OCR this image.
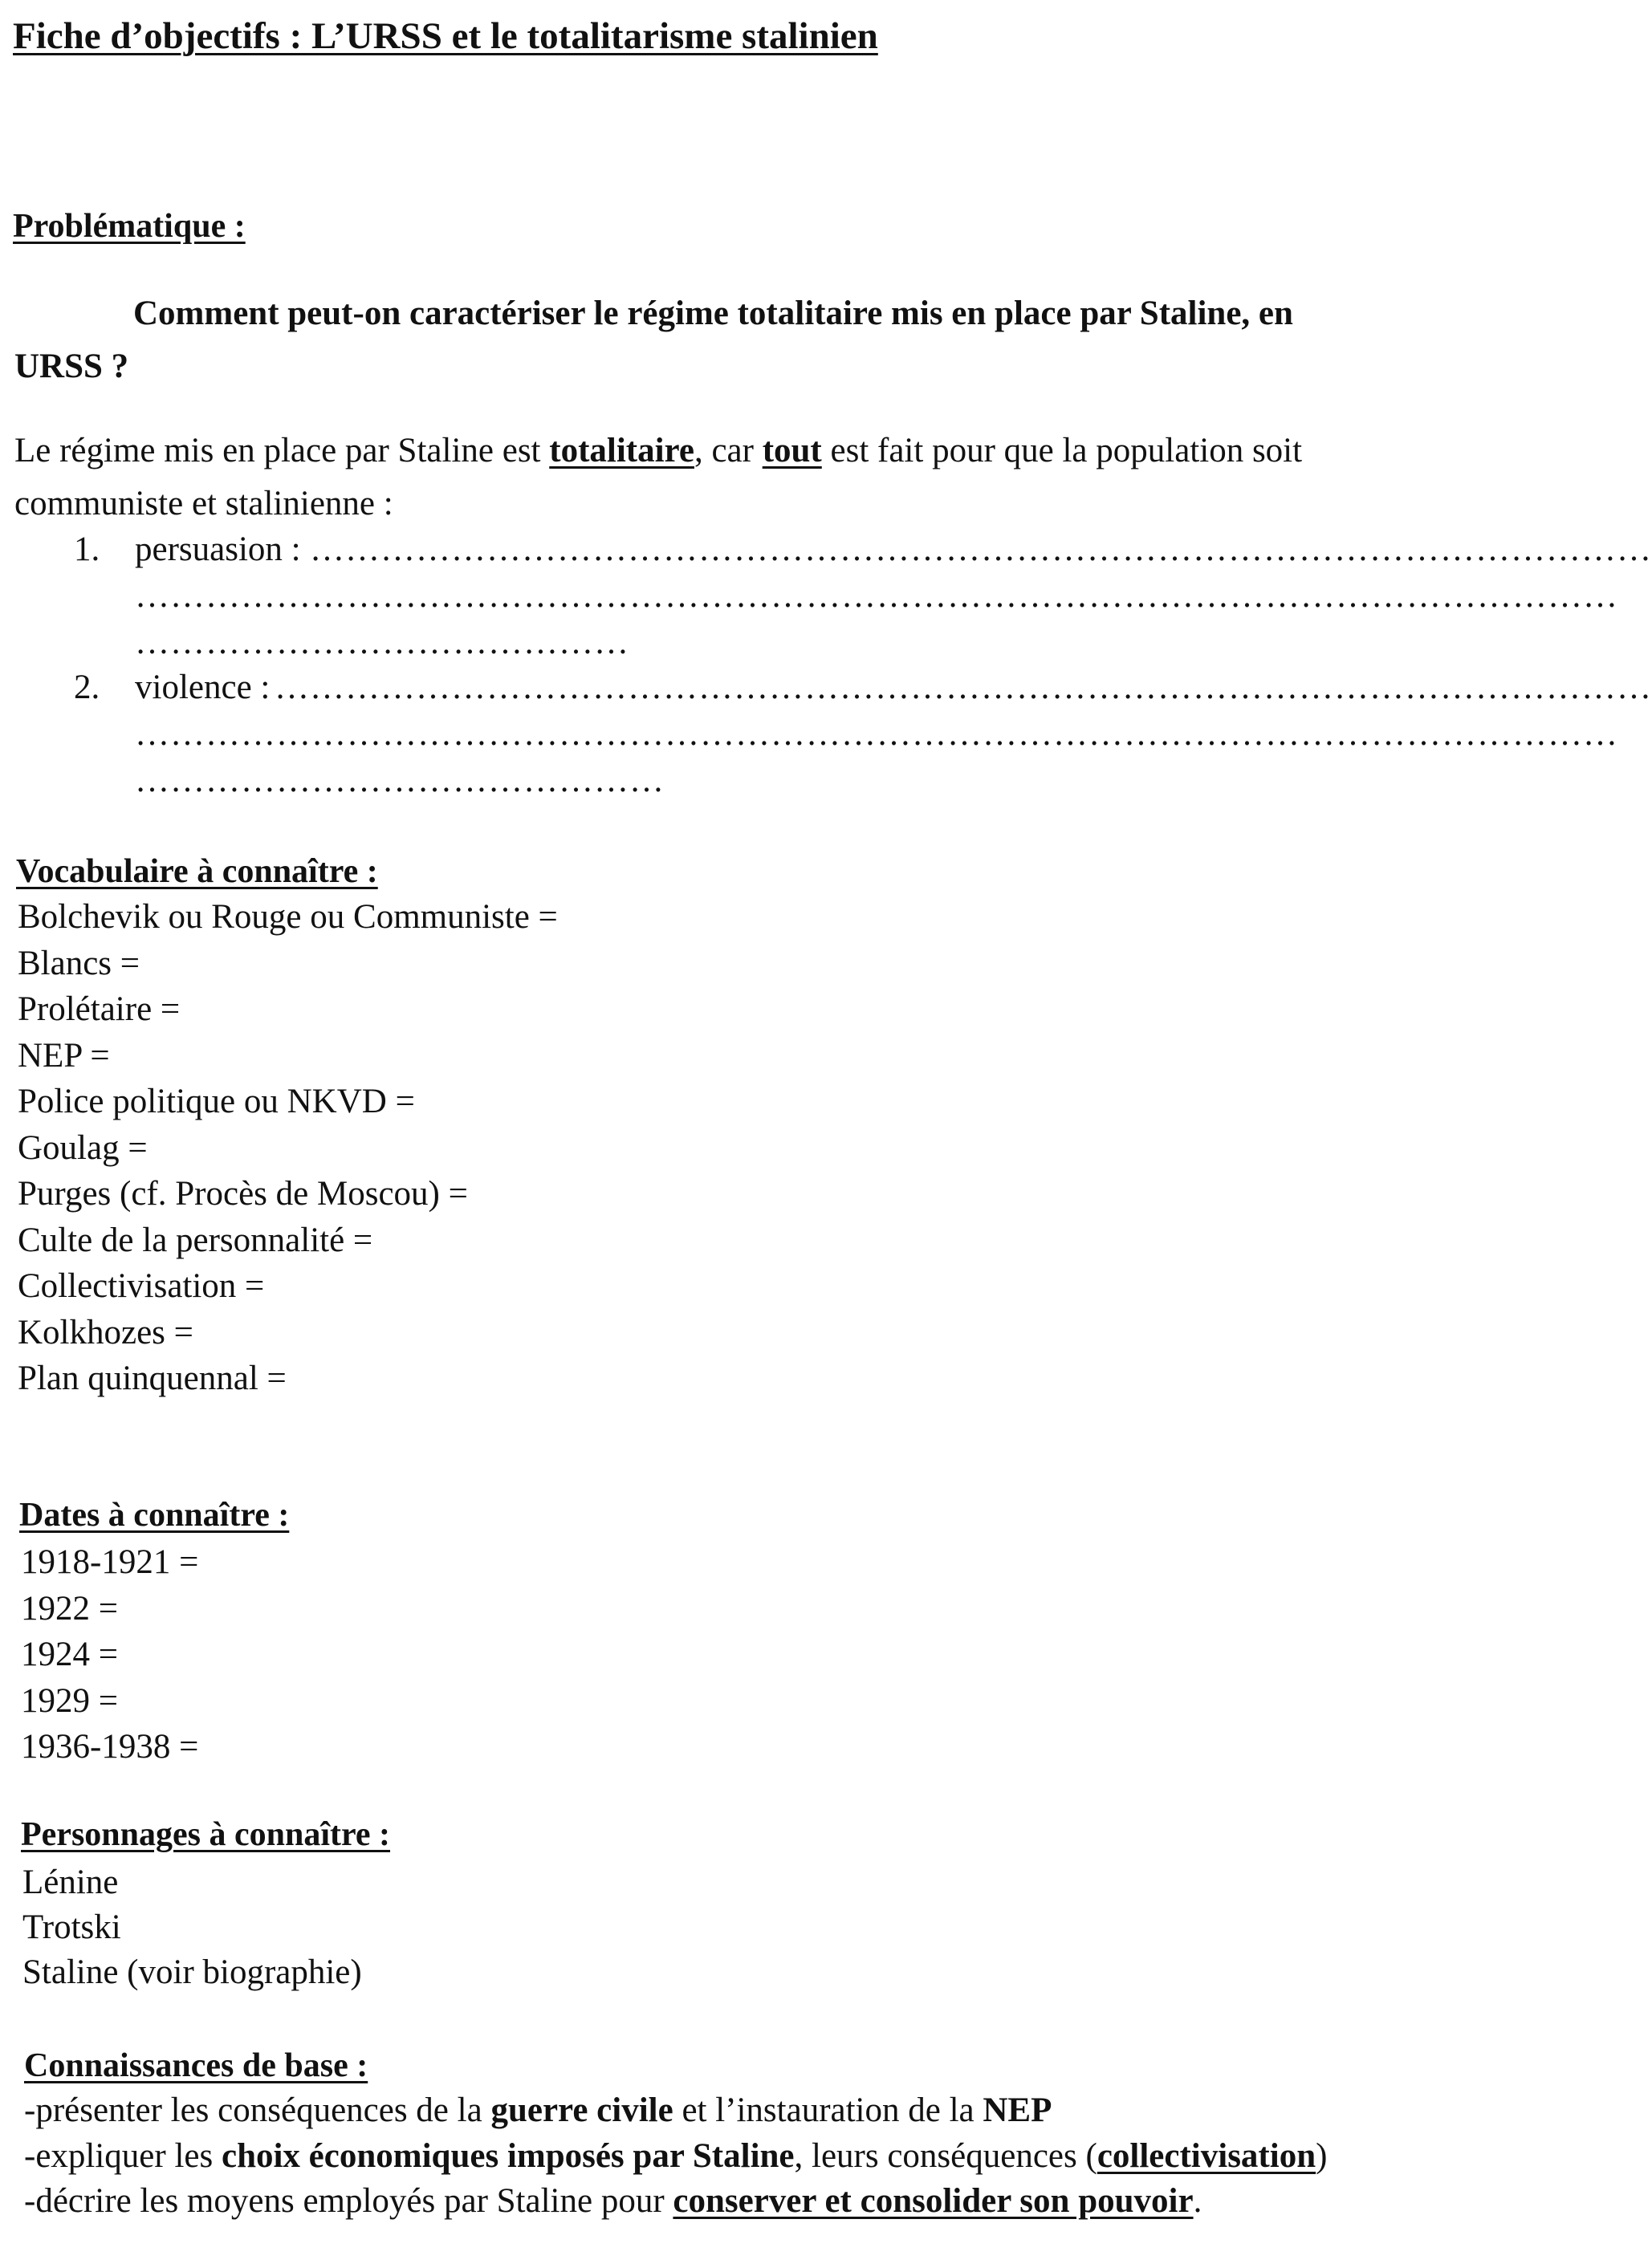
Fiche d’objectifs : L’URSS et le totalitarisme stalinien
Problématique :
Comment peut-on caractériser le régime totalitaire mis en place par Staline, en
URSS ?
Le régime mis en place par Staline est totalitaire, car tout est fait pour que la population soit
communiste et stalinienne :
1. persuasion : ……………………………………………………………………………………………………
………………………………………………………………………………………………………………
……………………………………
2. violence : ………………………………………………………………………………………………………
………………………………………………………………………………………………………………
………………………………………
Vocabulaire à connaître :
Bolchevik ou Rouge ou Communiste =
Blancs =
Prolétaire =
NEP =
Police politique ou NKVD =
Goulag =
Purges (cf. Procès de Moscou) =
Culte de la personnalité =
Collectivisation =
Kolkhozes =
Plan quinquennal =
Dates à connaître :
1918-1921 =
1922 =
1924 =
1929 =
1936-1938 =
Personnages à connaître :
Lénine
Trotski
Staline (voir biographie)
Connaissances de base :
-présenter les conséquences de la guerre civile et l’instauration de la NEP
-expliquer les choix économiques imposés par Staline, leurs conséquences (collectivisation)
-décrire les moyens employés par Staline pour conserver et consolider son pouvoir.
